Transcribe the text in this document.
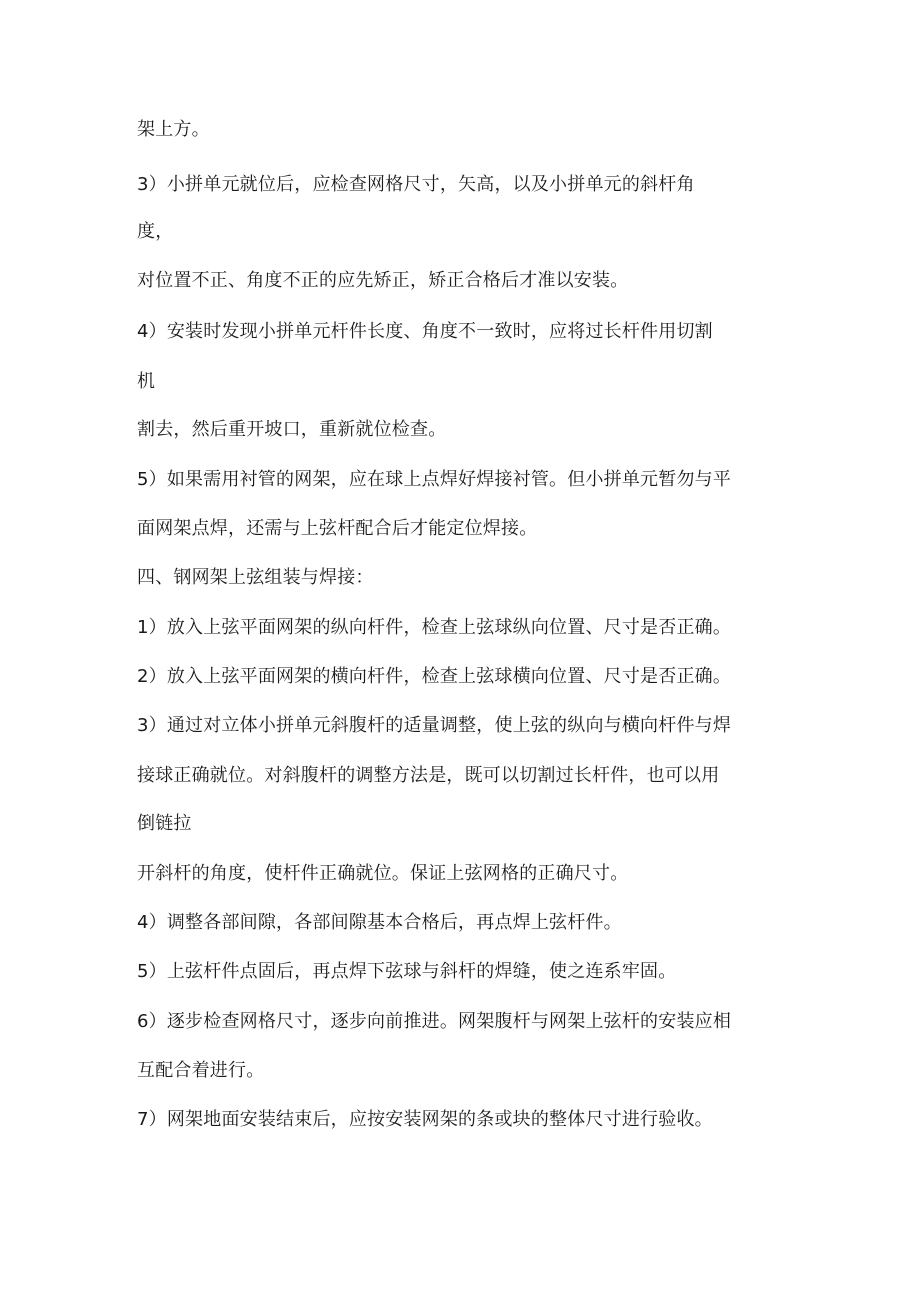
架上方。
3）小拼单元就位后，应检查网格尺寸，矢高，以及小拼单元的斜杆角
度，
对位置不正、角度不正的应先矫正，矫正合格后才准以安装。
4）安装时发现小拼单元杆件长度、角度不一致时，应将过长杆件用切割
机
割去，然后重开坡口，重新就位检查。
5）如果需用衬管的网架，应在球上点焊好焊接衬管。但小拼单元暂勿与平
面网架点焊，还需与上弦杆配合后才能定位焊接。
四、钢网架上弦组装与焊接：
1）放入上弦平面网架的纵向杆件，检查上弦球纵向位置、尺寸是否正确。
2）放入上弦平面网架的横向杆件，检查上弦球横向位置、尺寸是否正确。
3）通过对立体小拼单元斜腹杆的适量调整，使上弦的纵向与横向杆件与焊
接球正确就位。对斜腹杆的调整方法是，既可以切割过长杆件，也可以用
倒链拉
开斜杆的角度，使杆件正确就位。保证上弦网格的正确尺寸。
4）调整各部间隙，各部间隙基本合格后，再点焊上弦杆件。
5）上弦杆件点固后，再点焊下弦球与斜杆的焊缝，使之连系牢固。
6）逐步检查网格尺寸，逐步向前推进。网架腹杆与网架上弦杆的安装应相
互配合着进行。
7）网架地面安装结束后，应按安装网架的条或块的整体尺寸进行验收。
